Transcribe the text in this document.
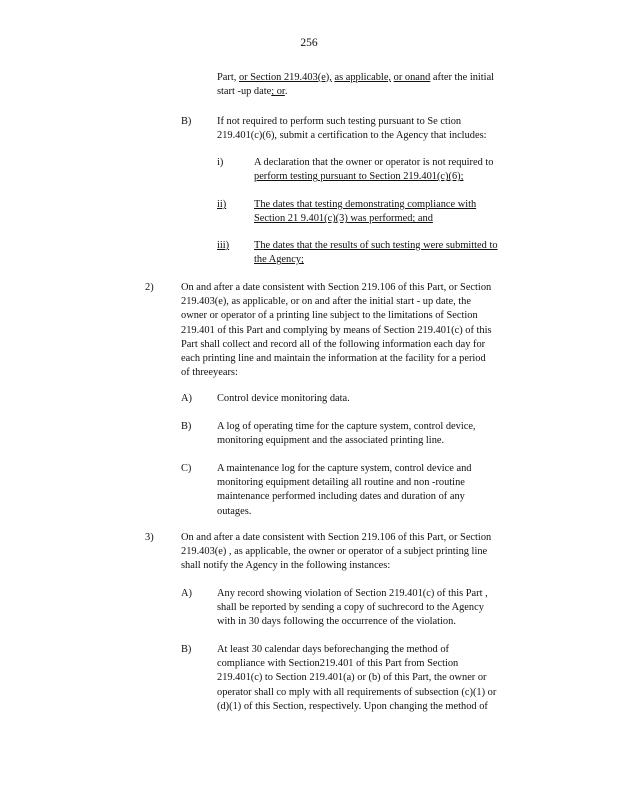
256
Part, or Section 219.403(e), as applicable, or onand after the initial
start -up date; or.
B) If not required to perform such testing pursuant to Se ction
219.401(c)(6), submit a certification to the Agency that includes:
i)	A declaration that the owner or operator is not required to
perform testing pursuant to Section 219.401(c)(6);
ii)	The dates that testing demonstrating compliance with
Section 21 9.401(c)(3) was performed; and
iii) The dates that the results of such testing were submitted to
the Agency;
2)	On and after a date consistent with Section 219.106 of this Part, or Section
219.403(e), as applicable, or on and after the initial start - up date, the
owner or operator of a printing line subject to the limitations of Section
219.401 of this Part and complying by means of Section 219.401(c) of this
Part shall collect and record all of the following information each day for
each printing line and maintain the information at the facility for a period
of threeyears:
A) Control device monitoring data.
B) A log of operating time for the capture system, control device,
monitoring equipment and the associated printing line.
C) A maintenance log for the capture system, control device and
monitoring equipment detailing all routine and non -routine
maintenance performed including dates and duration of any
outages.
3)	On and after a date consistent with Section 219.106 of this Part, or Section
219.403(e) , as applicable, the owner or operator of a subject printing line
shall notify the Agency in the following instances:
A) Any record showing violation of Section 219.401(c) of this Part ,
shall be reported by sending a copy of suchrecord to the Agency
with in 30 days following the occurrence of the violation.
B) At least 30 calendar days beforechanging the method of
compliance with Section219.401 of this Part from Section
219.401(c) to Section 219.401(a) or (b) of this Part, the owner or
operator shall co mply with all requirements of subsection (c)(1) or
(d)(1) of this Section, respectively. Upon changing the method of
